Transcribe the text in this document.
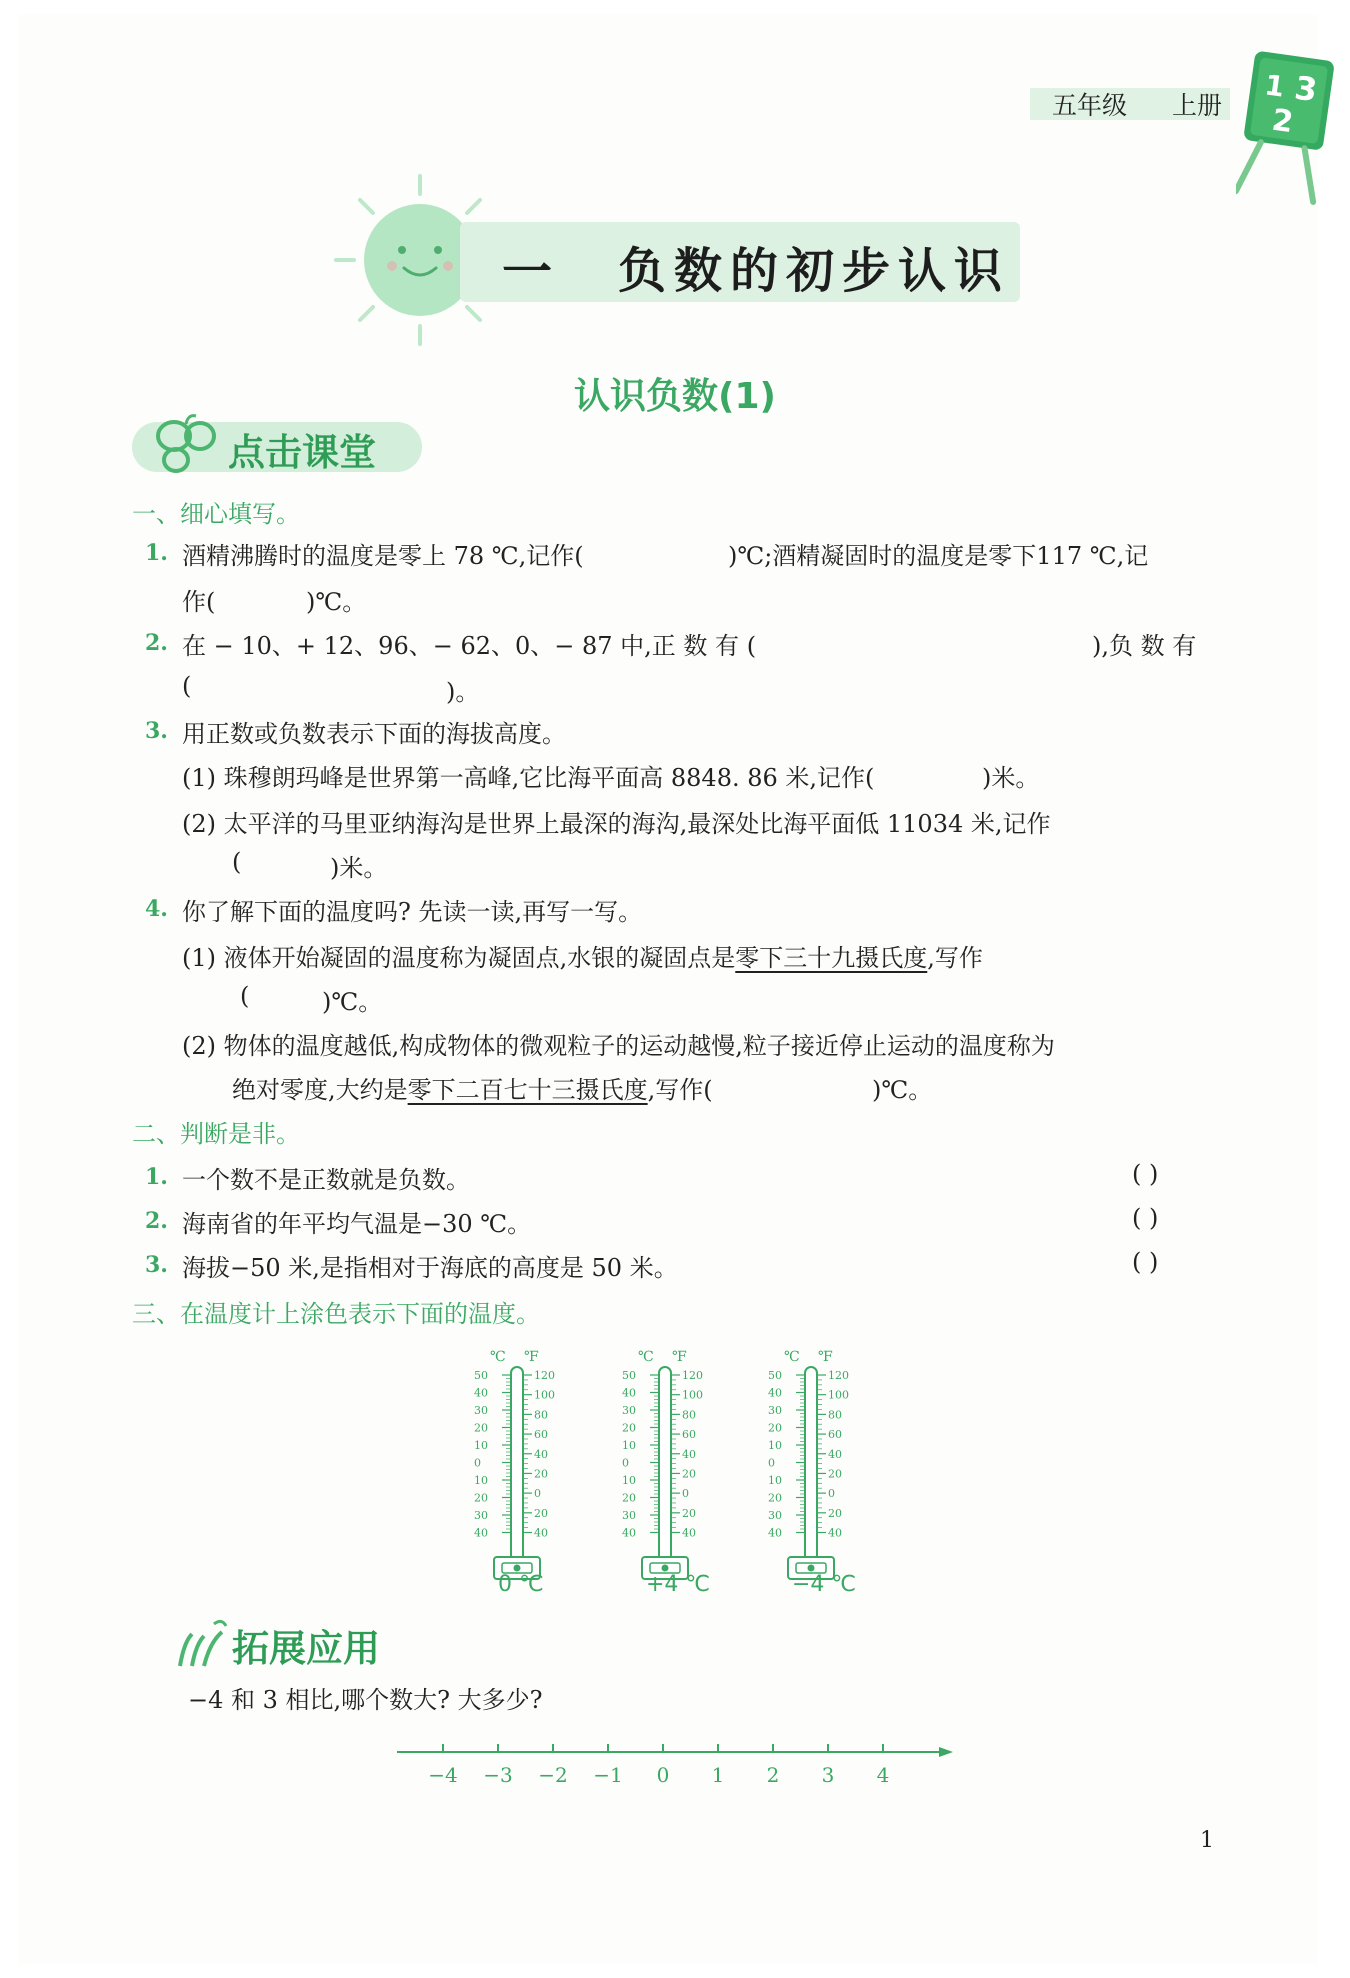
五年级 上册
1 3
2
一 负数的初步认识
认识负数(1)
点击课堂
一、细心填写。
1. 酒精沸腾时的温度是零上 78 ℃,记作(	)℃;酒精凝固时的温度是零下117 ℃,记
作(	)℃。
2. 在 − 10、+ 12、96、− 62、0、− 87 中,正 数 有 (	),负 数 有
(	)。
3. 用正数或负数表示下面的海拔高度。
(1) 珠穆朗玛峰是世界第一高峰,它比海平面高 8848. 86 米,记作(	)米。
(2) 太平洋的马里亚纳海沟是世界上最深的海沟,最深处比海平面低 11034 米,记作
(	)米。
4. 你了解下面的温度吗? 先读一读,再写一写。
(1) 液体开始凝固的温度称为凝固点,水银的凝固点是零下三十九摄氏度,写作
(	)℃。
(2) 物体的温度越低,构成物体的微观粒子的运动越慢,粒子接近停止运动的温度称为
绝对零度,大约是零下二百七十三摄氏度,写作(	)℃。
二、判断是非。
1. 一个数不是正数就是负数。	( )
2. 海南省的年平均气温是−30 ℃。	( )
3. 海拔−50 米,是指相对于海底的高度是 50 米。	( )
三、在温度计上涂色表示下面的温度。
℃ ℉
50
40
30
20
10
0
10
20
30
40
120
100
80
60
40
20
0
20
40
℃ ℉
50
40
30
20
10
0
10
20
30
40
120
100
80
60
40
20
0
20
40
℃ ℉
50
40
30
20
10
0
10
20
30
40
120
100
80
60
40
20
0
20
40
0 ℃	+4 ℃	−4 ℃
拓展应用
−4 和 3 相比,哪个数大? 大多少?
−4 −3 −2 −1 0 1 2 3 4
1
